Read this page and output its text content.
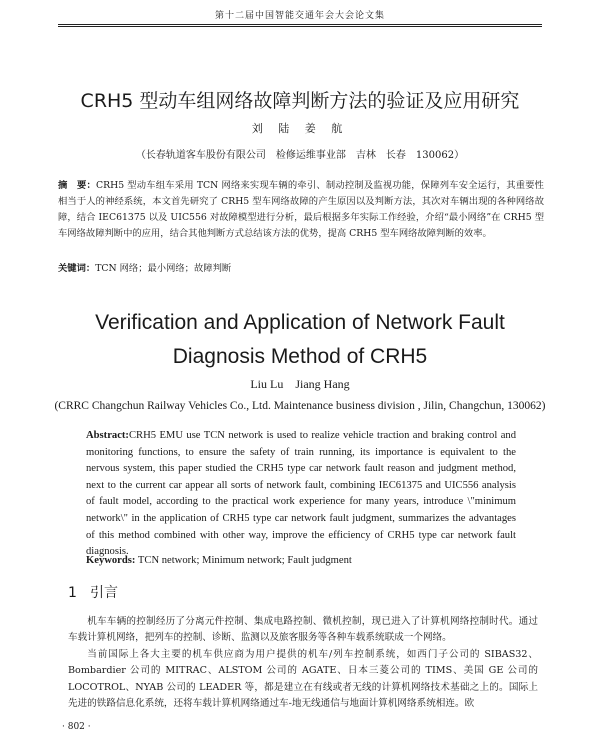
第十二届中国智能交通年会大会论文集
CRH5 型动车组网络故障判断方法的验证及应用研究
刘 陆 姜 航
（长春轨道客车股份有限公司　检修运维事业部　吉林　长春　130062）
摘　要：CRH5 型动车组车采用 TCN 网络来实现车辆的牵引、制动控制及监视功能，保障列车安全运行，其重要性相当于人的神经系统，本文首先研究了 CRH5 型车网络故障的产生原因以及判断方法，其次对车辆出现的各种网络故障，结合 IEC61375 以及 UIC556 对故障模型进行分析，最后根据多年实际工作经验，介绍“最小网络”在 CRH5 型车网络故障判断中的应用，结合其他判断方式总结该方法的优势，提高 CRH5 型车网络故障判断的效率。
关键词：TCN 网络；最小网络；故障判断
Verification and Application of Network Fault
Diagnosis Method of CRH5
Liu Lu　Jiang Hang
(CRRC Changchun Railway Vehicles Co., Ltd. Maintenance business division , Jilin, Changchun, 130062)
Abstract:CRH5 EMU use TCN network is used to realize vehicle traction and braking control and monitoring functions, to ensure the safety of train running, its importance is equivalent to the nervous system, this paper studied the CRH5 type car network fault reason and judgment method, next to the current car appear all sorts of network fault, combining IEC61375 and UIC556 analysis of fault model, according to the practical work experience for many years, introduce \"minimum network\" in the application of CRH5 type car network fault judgment, summarizes the advantages of this method combined with other way, improve the efficiency of CRH5 type car network fault diagnosis.
Keywords: TCN network; Minimum network; Fault judgment
1 引言

机车车辆的控制经历了分离元件控制、集成电路控制、微机控制，现已进入了计算机网络控制时代。通过车载计算机网络，把列车的控制、诊断、监测以及旅客服务等各种车载系统联成一个网络。

当前国际上各大主要的机车供应商为用户提供的机车/列车控制系统，如西门子公司的 SIBAS32、Bombardier 公司的 MITRAC、ALSTOM 公司的 AGATE、日本三菱公司的 TIMS、美国 GE 公司的 LOCOTROL、NYAB 公司的 LEADER 等，都是建立在有线或者无线的计算机网络技术基础之上的。国际上先进的铁路信息化系统，还将车载计算机网络通过车-地无线通信与地面计算机网络系统相连。欧

· 802 ·
